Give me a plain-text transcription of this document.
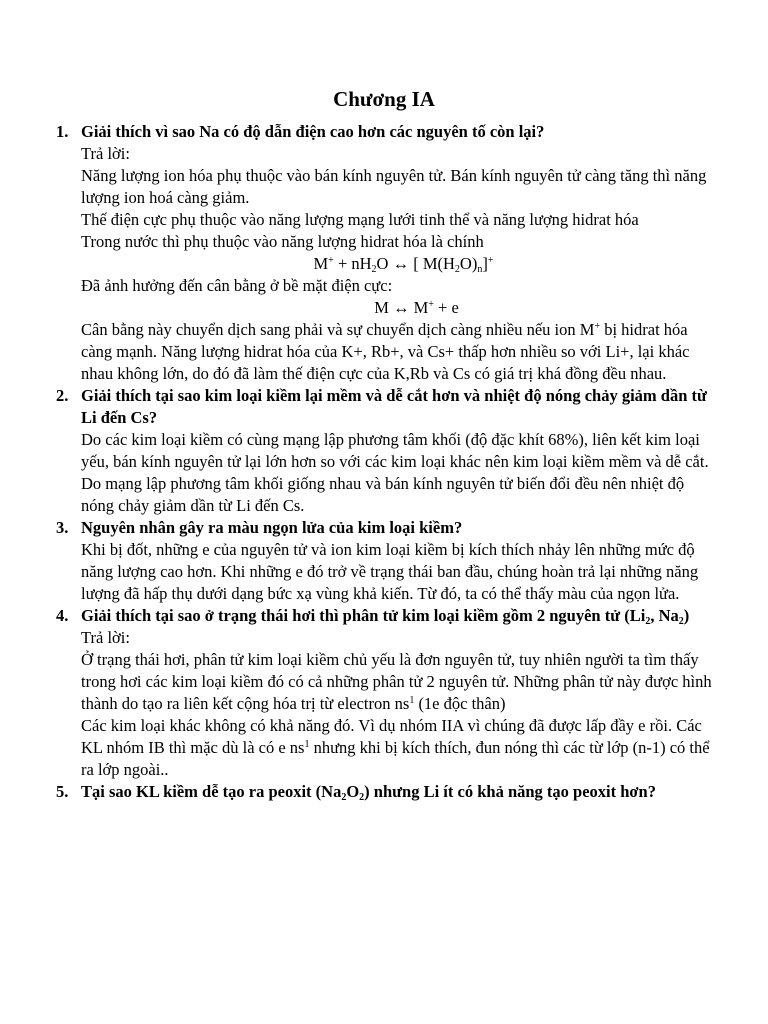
Chương IA
1. Giải thích vì sao Na có độ dẫn điện cao hơn các nguyên tố còn lại?

Trả lời:

Năng lượng ion hóa phụ thuộc vào bán kính nguyên tử. Bán kính nguyên tử càng tăng thì năng lượng ion hoá càng giảm.

Thế điện cực phụ thuộc vào năng lượng mạng lưới tinh thể và năng lượng hidrat hóa

Trong nước thì phụ thuộc vào năng lượng hidrat hóa là chính

$M^+ + nH_2O$ ↔ [ $M(H_2O)_n]^+$

Đã ảnh hưởng đến cân bằng ở bề mặt điện cực:

M ↔ M+ + e

Cân bằng này chuyển dịch sang phải và sự chuyển dịch càng nhiều nếu ion M+ bị hidrat hóa càng mạnh. Năng lượng hidrat hóa của K+, Rb+, và Cs+ thấp hơn nhiều so với Li+, lại khác nhau không lớn, do đó đã làm thế điện cực của K,Rb và Cs có giá trị khá đồng đều nhau.

2. Giải thích tại sao kim loại kiềm lại mềm và dễ cắt hơn và nhiệt độ nóng chảy giảm dần từ Li đến Cs?

Do các kim loại kiềm có cùng mạng lập phương tâm khối (độ đặc khít 68%), liên kết kim loại yếu, bán kính nguyên tử lại lớn hơn so với các kim loại khác nên kim loại kiềm mềm và dễ cắt.

Do mạng lập phương tâm khối giống nhau và bán kính nguyên tử biến đổi đều nên nhiệt độ nóng chảy giảm dần từ Li đến Cs.

3. Nguyên nhân gây ra màu ngọn lửa của kim loại kiềm?

Khi bị đốt, những e của nguyên tử và ion kim loại kiềm bị kích thích nhảy lên những mức độ năng lượng cao hơn. Khi những e đó trở về trạng thái ban đầu, chúng hoàn trả lại những năng lượng đã hấp thụ dưới dạng bức xạ vùng khả kiến. Từ đó, ta có thể thấy màu của ngọn lửa.

4. Giải thích tại sao ở trạng thái hơi thì phân tử kim loại kiềm gồm 2 nguyên tử ($Li_2$, $Na_2$)

Trả lời:

Ở trạng thái hơi, phân tử kim loại kiềm chủ yếu là đơn nguyên tử, tuy nhiên người ta tìm thấy trong hơi các kim loại kiềm đó có cả những phân tử 2 nguyên tử. Những phân tử này được hình thành do tạo ra liên kết cộng hóa trị từ electron $ns^1$ (1e độc thân)

Các kim loại khác không có khả năng đó. Vì dụ nhóm IIA vì chúng đã được lấp đầy e rồi. Các KL nhóm IB thì mặc dù là có e $ns^1$ nhưng khi bị kích thích, đun nóng thì các từ lớp (n-1) có thể ra lớp ngoài..

5. Tại sao KL kiềm dễ tạo ra peoxit $(Na_2O_2)$ nhưng Li ít có khả năng tạo peoxit hơn?
